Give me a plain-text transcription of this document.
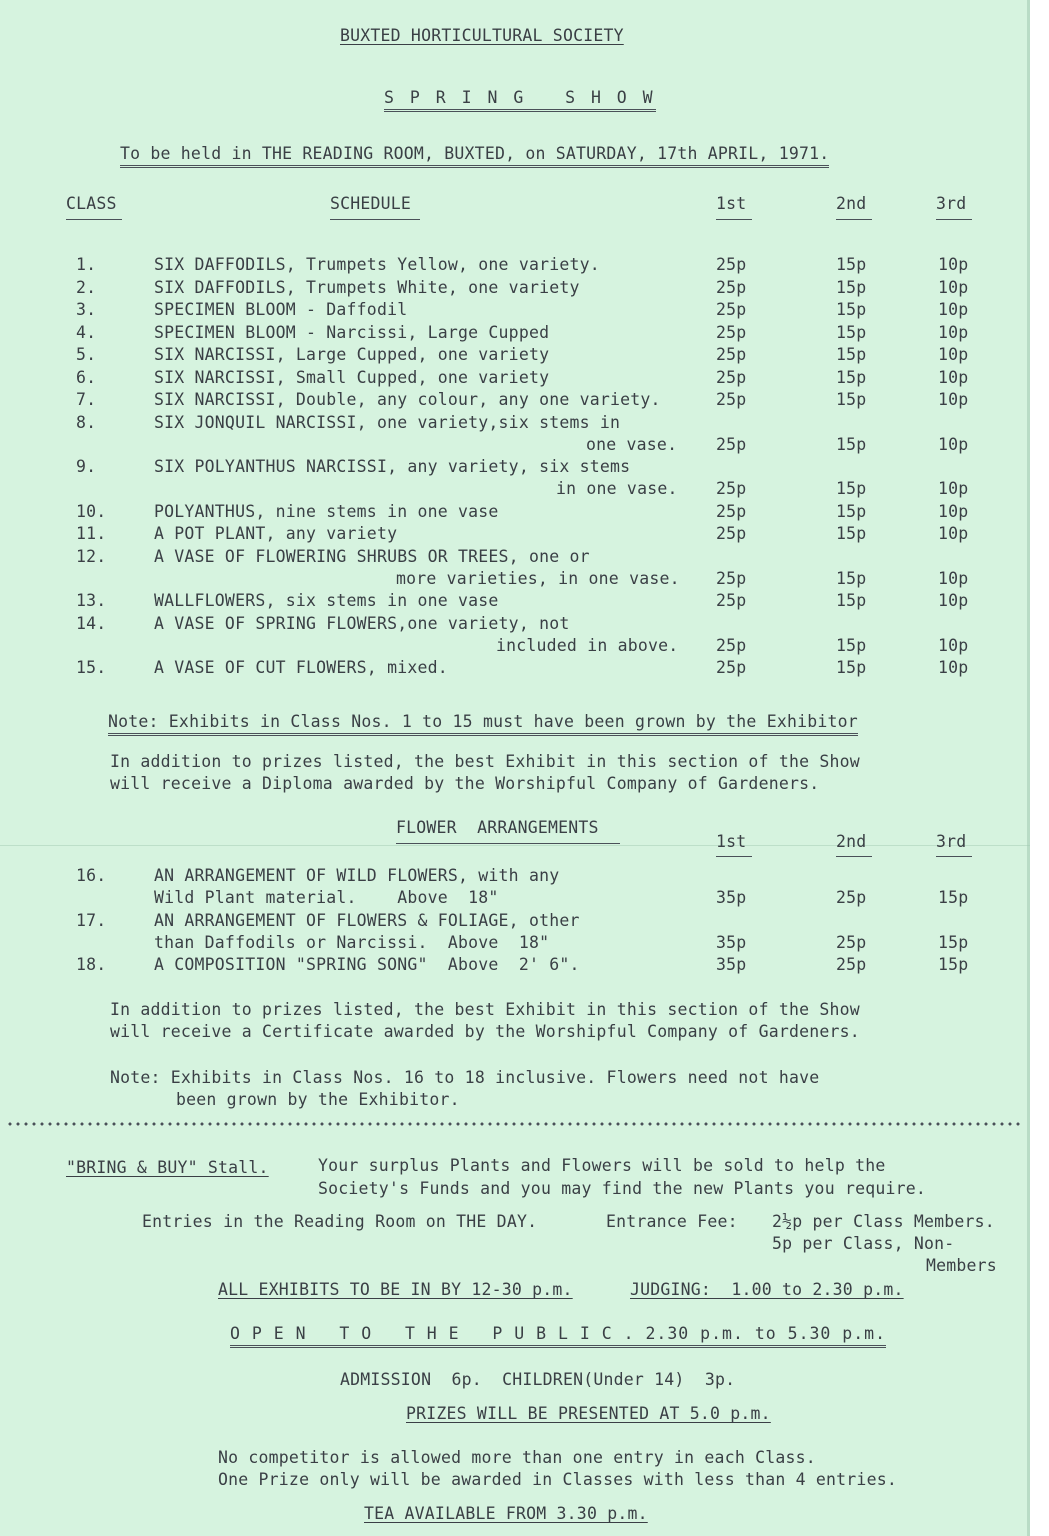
BUXTED HORTICULTURAL SOCIETY
S P R I N G   S H O W
To be held in THE READING ROOM, BUXTED, on SATURDAY, 17th APRIL, 1971.
CLASS	SCHEDULE	1st	2nd	3rd
1.	SIX DAFFODILS, Trumpets Yellow, one variety.	25p	15p	10p
2.	SIX DAFFODILS, Trumpets White, one variety	25p	15p	10p
3.	SPECIMEN BLOOM - Daffodil	25p	15p	10p
4.	SPECIMEN BLOOM - Narcissi, Large Cupped	25p	15p	10p
5.	SIX NARCISSI, Large Cupped, one variety	25p	15p	10p
6.	SIX NARCISSI, Small Cupped, one variety	25p	15p	10p
7.	SIX NARCISSI, Double, any colour, any one variety.	25p	15p	10p
8.	SIX JONQUIL NARCISSI, one variety,six stems in
one vase. 25p	15p	10p
9.	SIX POLYANTHUS NARCISSI, any variety, six stems
in one vase. 25p	15p	10p
10.	POLYANTHUS, nine stems in one vase	25p	15p	10p
11.	A POT PLANT, any variety	25p	15p	10p
12.	A VASE OF FLOWERING SHRUBS OR TREES, one or
more varieties, in one vase. 25p	15p	10p
13.	WALLFLOWERS, six stems in one vase	25p	15p	10p
14.	A VASE OF SPRING FLOWERS,one variety, not
included in above. 25p	15p	10p
15.	A VASE OF CUT FLOWERS, mixed.	25p	15p	10p
Note: Exhibits in Class Nos. 1 to 15 must have been grown by the Exhibitor
In addition to prizes listed, the best Exhibit in this section of the Show
will receive a Diploma awarded by the Worshipful Company of Gardeners.
FLOWER  ARRANGEMENTS
1st	2nd	3rd
16.	AN ARRANGEMENT OF WILD FLOWERS, with any
Wild Plant material.    Above  18"	35p	25p	15p
17.	AN ARRANGEMENT OF FLOWERS & FOLIAGE, other
than Daffodils or Narcissi.  Above  18"	35p	25p	15p
18.	A COMPOSITION "SPRING SONG"  Above  2' 6".	35p	25p	15p
In addition to prizes listed, the best Exhibit in this section of the Show
will receive a Certificate awarded by the Worshipful Company of Gardeners.
Note: Exhibits in Class Nos. 16 to 18 inclusive. Flowers need not have
been grown by the Exhibitor.
"BRING & BUY" Stall.	Your surplus Plants and Flowers will be sold to help the
Society's Funds and you may find the new Plants you require.
Entries in the Reading Room on THE DAY.	Entrance Fee: 2½p per Class Members.
5p per Class, Non-
Members
ALL EXHIBITS TO BE IN BY 12-30 p.m.	JUDGING:  1.00 to 2.30 p.m.
O P E N   T O   T H E   P U B L I C . 2.30 p.m. to 5.30 p.m.
ADMISSION  6p.  CHILDREN(Under 14)  3p.
PRIZES WILL BE PRESENTED AT 5.0 p.m.
No competitor is allowed more than one entry in each Class.
One Prize only will be awarded in Classes with less than 4 entries.
TEA AVAILABLE FROM 3.30 p.m.
